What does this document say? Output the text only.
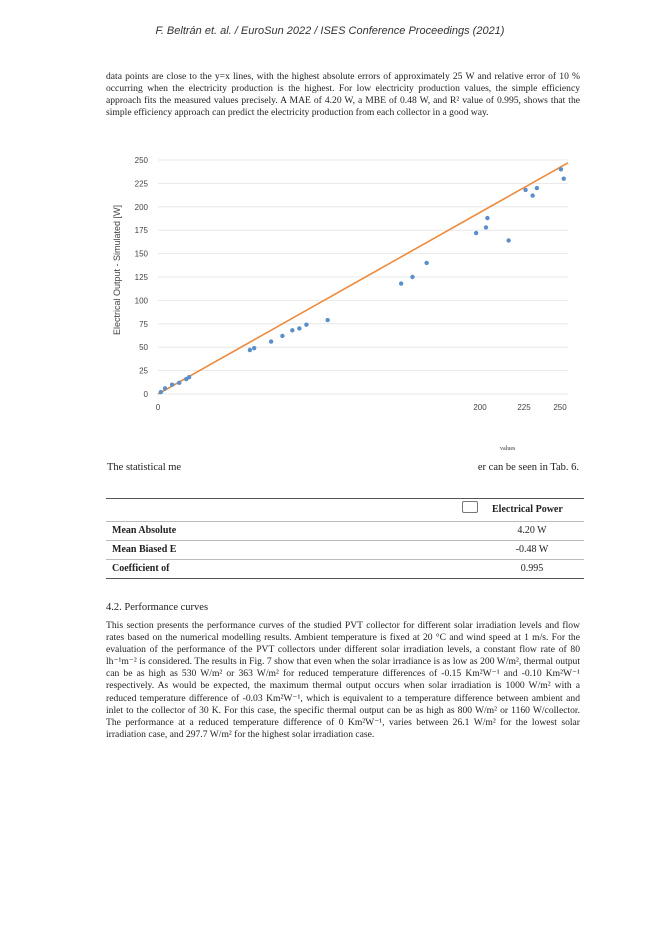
F. Beltrán et. al. / EuroSun 2022 / ISES Conference Proceedings (2021)
data points are close to the y=x lines, with the highest absolute errors of approximately 25 W and relative error of 10 % occurring when the electricity production is the highest. For low electricity production values, the simple efficiency approach fits the measured values precisely. A MAE of 4.20 W, a MBE of 0.48 W, and R² value of 0.995, shows that the simple efficiency approach can predict the electricity production from each collector in a good way.
0
25
50
75
100
125
150
175
200
225
250
0	200	225	250
Electrical Output - Simulated [W]
values
The statistical me	er can be seen in Tab. 6.
Electrical Power
Mean Absolute	4.20 W
Mean Biased E	-0.48 W
Coefficient of	0.995
4.2. Performance curves
This section presents the performance curves of the studied PVT collector for different solar irradiation levels and flow rates based on the numerical modelling results. Ambient temperature is fixed at 20 °C and wind speed at 1 m/s. For the evaluation of the performance of the PVT collectors under different solar irradiation levels, a constant flow rate of 80 lh⁻¹m⁻² is considered. The results in Fig. 7 show that even when the solar irradiance is as low as 200 W/m², thermal output can be as high as 530 W/m² or 363 W/m² for reduced temperature differences of -0.15 Km²W⁻¹ and -0.10 Km²W⁻¹ respectively. As would be expected, the maximum thermal output occurs when solar irradiation is 1000 W/m² with a reduced temperature difference of -0.03 Km²W⁻¹, which is equivalent to a temperature difference between ambient and inlet to the collector of 30 K. For this case, the specific thermal output can be as high as 800 W/m² or 1160 W/collector. The performance at a reduced temperature difference of 0 Km²W⁻¹, varies between 26.1 W/m² for the lowest solar irradiation case, and 297.7 W/m² for the highest solar irradiation case.
